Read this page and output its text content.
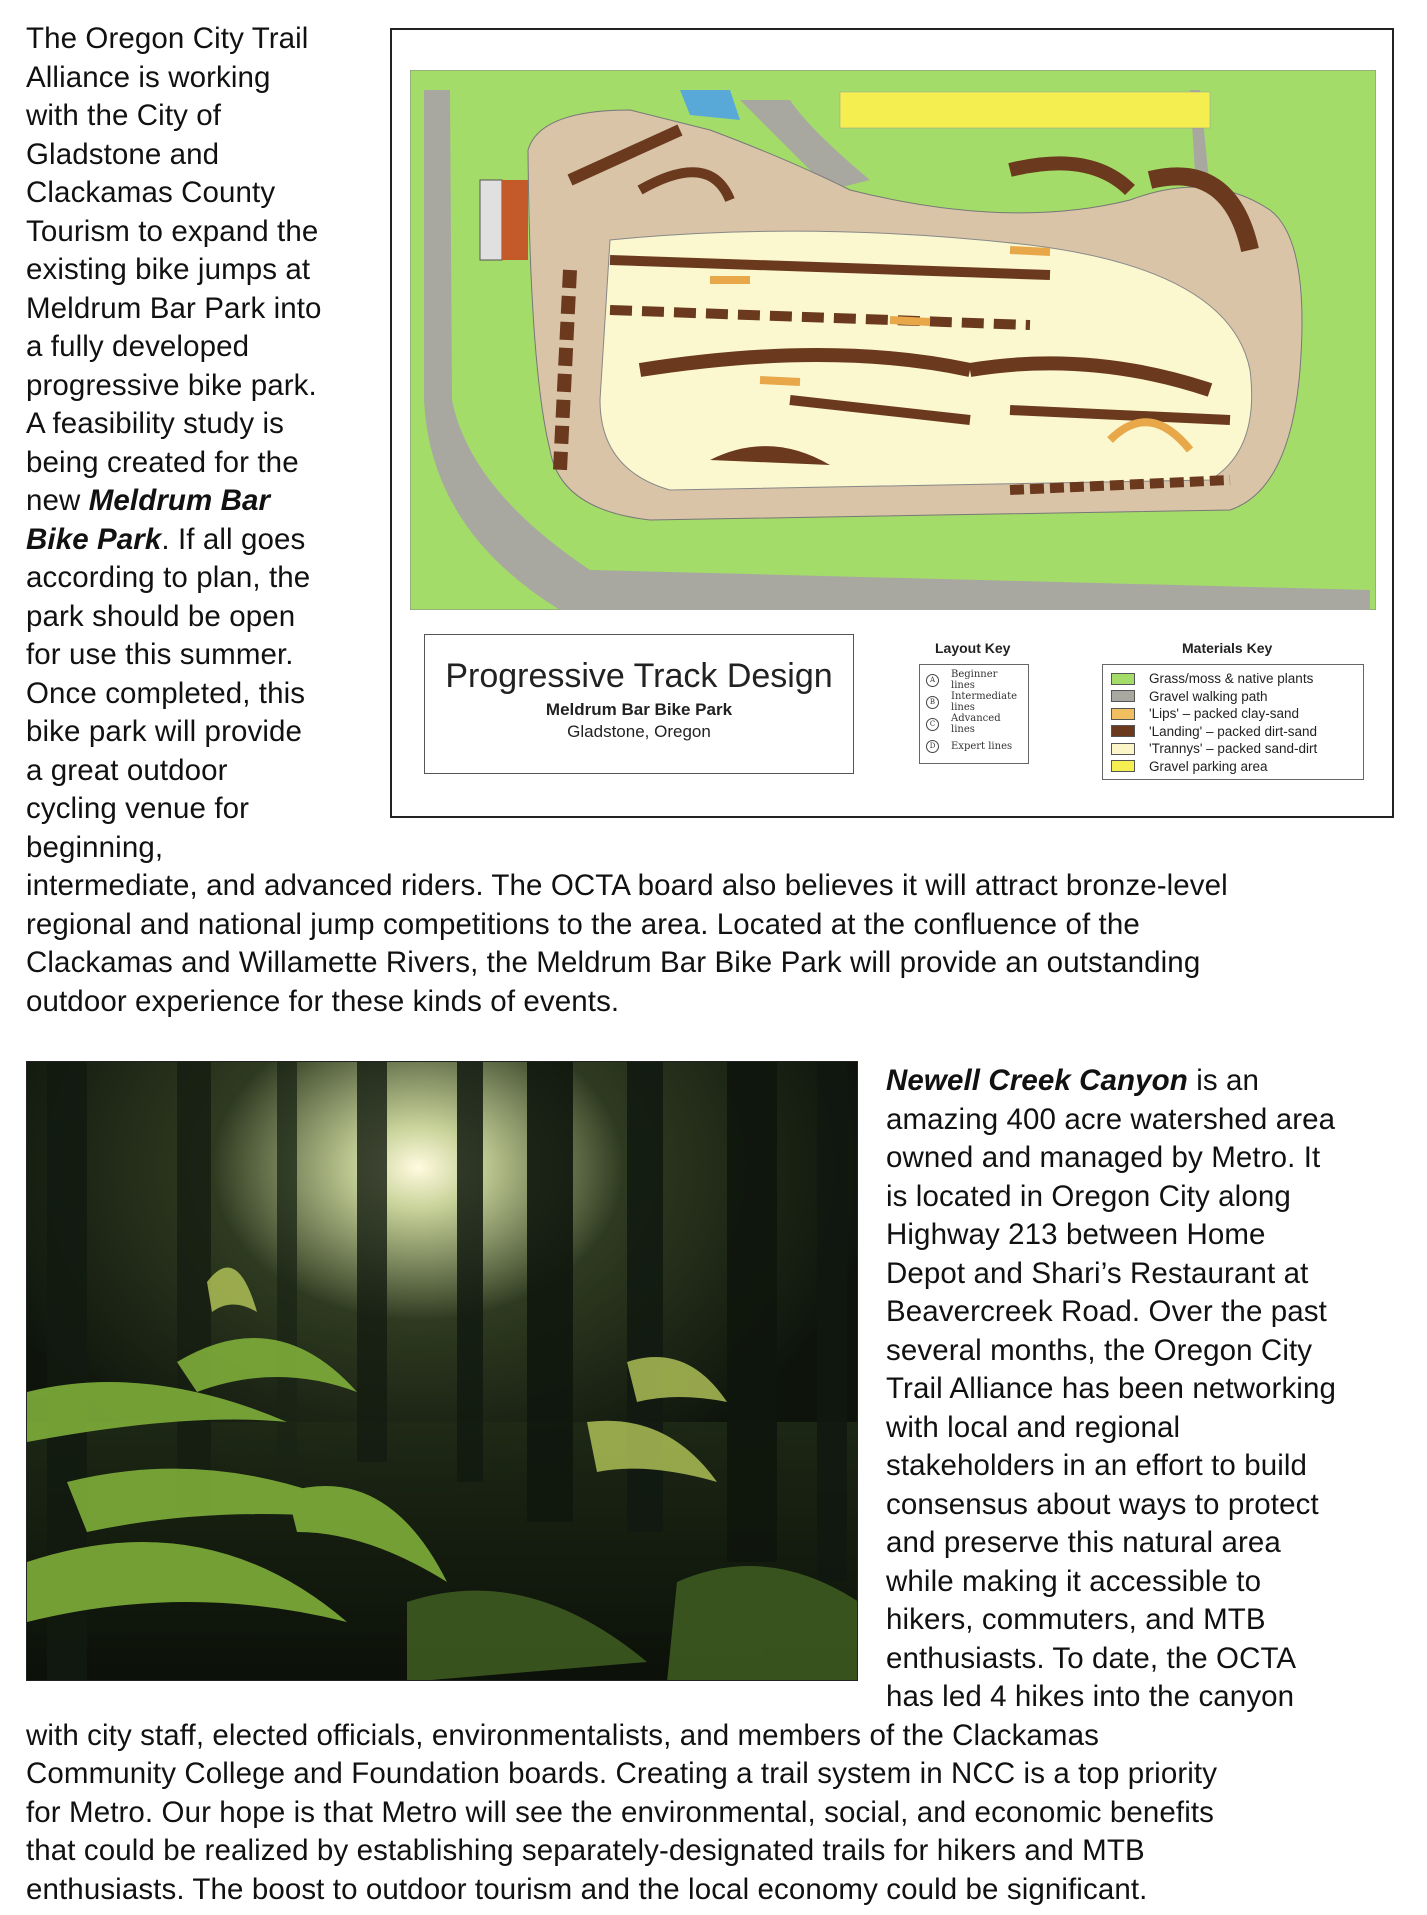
The Oregon City Trail
Alliance is working
with the City of
Gladstone and
Clackamas County
Tourism to expand the
existing bike jumps at
Meldrum Bar Park into
a fully developed
progressive bike park.
A feasibility study is
being created for the
new Meldrum Bar
Bike Park. If all goes
according to plan, the
park should be open
for use this summer.
Once completed, this
bike park will provide
a great outdoor
cycling venue for
beginning,
intermediate, and advanced riders. The OCTA board also believes it will attract bronze-level
regional and national jump competitions to the area. Located at the confluence of the
Clackamas and Willamette Rivers, the Meldrum Bar Bike Park will provide an outstanding
outdoor experience for these kinds of events.
Progressive Track Design
Meldrum Bar Bike Park
Gladstone, Oregon
Layout Key
A	Beginner lines
B	Intermediate lines
C	Advanced lines
D	Expert lines
Materials Key
Grass/moss & native plants
Gravel walking path
'Lips' – packed clay-sand
'Landing' – packed dirt-sand
'Trannys' – packed sand-dirt
Gravel parking area
Newell Creek Canyon is an
amazing 400 acre watershed area
owned and managed by Metro. It
is located in Oregon City along
Highway 213 between Home
Depot and Shari’s Restaurant at
Beavercreek Road. Over the past
several months, the Oregon City
Trail Alliance has been networking
with local and regional
stakeholders in an effort to build
consensus about ways to protect
and preserve this natural area
while making it accessible to
hikers, commuters, and MTB
enthusiasts. To date, the OCTA
has led 4 hikes into the canyon
with city staff, elected officials, environmentalists, and members of the Clackamas
Community College and Foundation boards. Creating a trail system in NCC is a top priority
for Metro. Our hope is that Metro will see the environmental, social, and economic benefits
that could be realized by establishing separately-designated trails for hikers and MTB
enthusiasts. The boost to outdoor tourism and the local economy could be significant.
